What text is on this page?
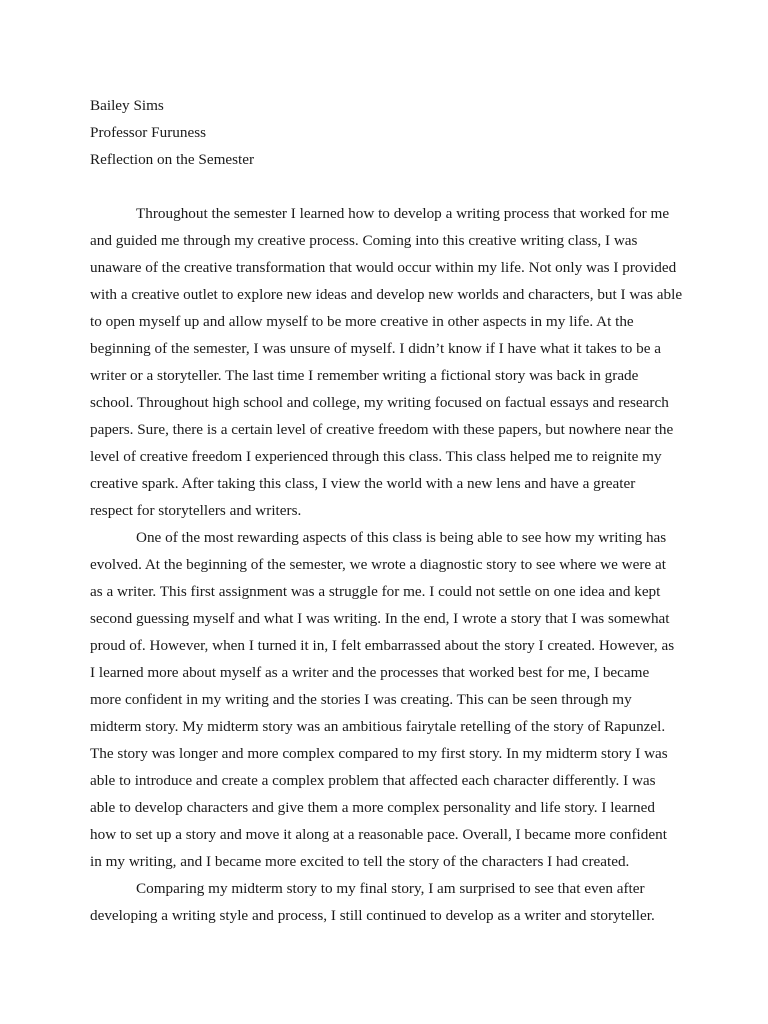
Bailey Sims
Professor Furuness
Reflection on the Semester
Throughout the semester I learned how to develop a writing process that worked for me
and guided me through my creative process. Coming into this creative writing class, I was
unaware of the creative transformation that would occur within my life. Not only was I provided
with a creative outlet to explore new ideas and develop new worlds and characters, but I was able
to open myself up and allow myself to be more creative in other aspects in my life. At the
beginning of the semester, I was unsure of myself. I didn’t know if I have what it takes to be a
writer or a storyteller. The last time I remember writing a fictional story was back in grade
school. Throughout high school and college, my writing focused on factual essays and research
papers. Sure, there is a certain level of creative freedom with these papers, but nowhere near the
level of creative freedom I experienced through this class. This class helped me to reignite my
creative spark. After taking this class, I view the world with a new lens and have a greater
respect for storytellers and writers.
One of the most rewarding aspects of this class is being able to see how my writing has
evolved. At the beginning of the semester, we wrote a diagnostic story to see where we were at
as a writer. This first assignment was a struggle for me. I could not settle on one idea and kept
second guessing myself and what I was writing. In the end, I wrote a story that I was somewhat
proud of. However, when I turned it in, I felt embarrassed about the story I created. However, as
I learned more about myself as a writer and the processes that worked best for me, I became
more confident in my writing and the stories I was creating. This can be seen through my
midterm story. My midterm story was an ambitious fairytale retelling of the story of Rapunzel.
The story was longer and more complex compared to my first story. In my midterm story I was
able to introduce and create a complex problem that affected each character differently. I was
able to develop characters and give them a more complex personality and life story. I learned
how to set up a story and move it along at a reasonable pace. Overall, I became more confident
in my writing, and I became more excited to tell the story of the characters I had created.
Comparing my midterm story to my final story, I am surprised to see that even after
developing a writing style and process, I still continued to develop as a writer and storyteller.
